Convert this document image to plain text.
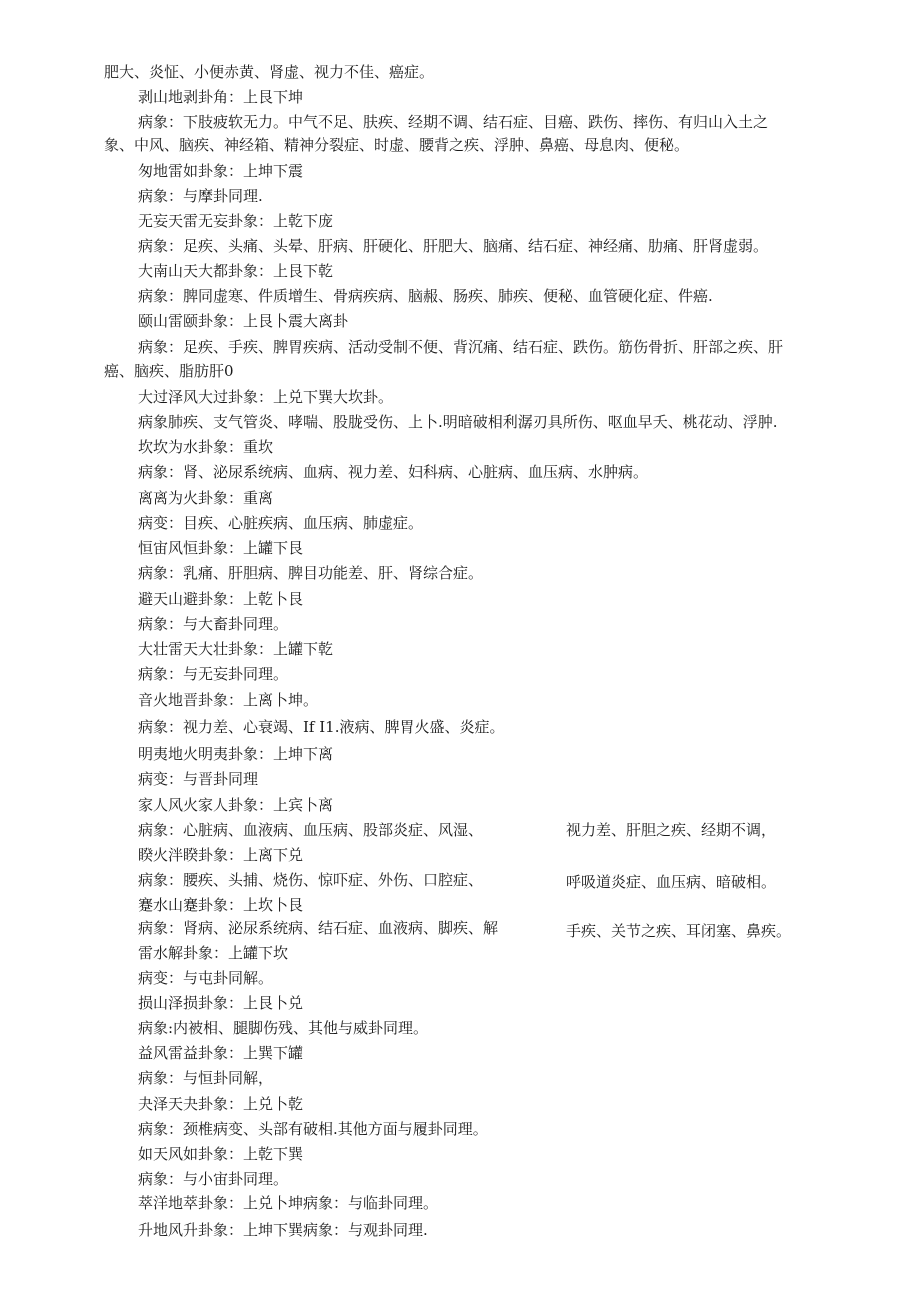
肥大、炎怔、小便赤黄、肾虚、视力不佳、癌症。
剥山地剥卦角：上艮下坤
病象：下肢疲软无力。中气不足、肤疾、经期不调、结石症、目癌、跌伤、摔伤、有归山入土之
象、中风、脑疾、神经箱、精神分裂症、时虚、腰背之疾、浮肿、鼻癌、母息肉、便秘。
匆地雷如卦象：上坤下震
病象：与摩卦同理.
无妄天雷无妄卦象：上乾下庞
病象：足疾、头痛、头晕、肝病、肝硬化、肝肥大、脑痛、结石症、神经痛、肋痛、肝肾虚弱。
大南山天大都卦象：上艮下乾
病象：脾同虚寒、件质增生、骨病疾病、脑赧、肠疾、肺疾、便秘、血管硬化症、件癌.
颐山雷颐卦象：上艮卜震大离卦
病象：足疾、手疾、脾胃疾病、活动受制不便、背沉痛、结石症、跌伤。筋伤骨折、肝部之疾、肝
癌、脑疾、脂肪肝0
大过泽风大过卦象：上兑下巽大坎卦。
病象肺疾、支气管炎、哮喘、股胧受伤、上卜.明暗破相利潺刃具所伤、呕血早夭、桃花动、浮肿.
坎坎为水卦象：重坎
病象：肾、泌尿系统病、血病、视力差、妇科病、心脏病、血压病、水肿病。
离离为火卦象：重离
病变：目疾、心脏疾病、血压病、肺虚症。
恒宙风恒卦象：上罐下艮
病象：乳痛、肝胆病、脾目功能差、肝、肾综合症。
避天山避卦象：上乾卜艮
病象：与大畜卦同理。
大壮雷天大壮卦象：上罐下乾
病象：与无妄卦同理。
音火地晋卦象：上离卜坤。
病象：视力差、心衰竭、If I1.液病、脾胃火盛、炎症。
明夷地火明夷卦象：上坤下离
病变：与晋卦同理
家人风火家人卦象：上宾卜离
病象：心脏病、血液病、血压病、股部炎症、风湿、
睽火泮睽卦象：上离下兑
病象：腰疾、头捕、烧伤、惊吓症、外伤、口腔症、
蹇水山蹇卦象：上坎卜艮
病象：肾病、泌尿系统病、结石症、血液病、脚疾、解
雷水解卦象：上罐下坎
病变：与屯卦同解。
损山泽损卦象：上艮卜兑
病象:内被相、腿脚伤残、其他与威卦同理。
益风雷益卦象：上巽下罐
病象：与恒卦同解，
夬泽天夬卦象：上兑卜乾
病象：颈椎病变、头部有破相.其他方面与履卦同理。
如天风如卦象：上乾下巽
病象：与小宙卦同理。
萃洋地萃卦象：上兑卜坤病象：与临卦同理。
升地风升卦象：上坤下巽病象：与观卦同理.
视力差、肝胆之疾、经期不调，
呼吸道炎症、血压病、暗破相。
手疾、关节之疾、耳闭塞、鼻疾。
